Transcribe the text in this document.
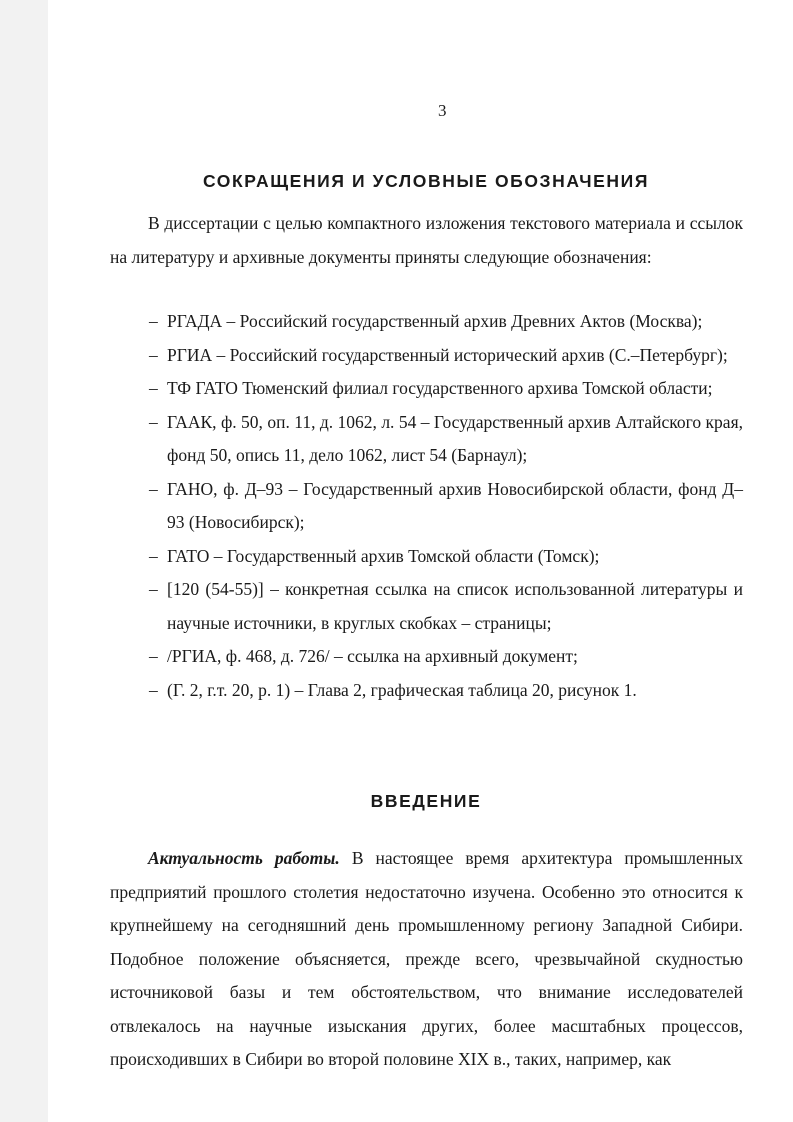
3
СОКРАЩЕНИЯ И УСЛОВНЫЕ ОБОЗНАЧЕНИЯ

В диссертации с целью компактного изложения текстового материала и ссылок на литературу и архивные документы приняты следующие обозначения:

– РГАДА – Российский государственный архив Древних Актов (Москва);
– РГИА – Российский государственный исторический архив (С.–Петербург);
– ТФ ГАТО Тюменский филиал государственного архива Томской области;
– ГААК, ф. 50, оп. 11, д. 1062, л. 54 – Государственный архив Алтайского края, фонд 50, опись 11, дело 1062, лист 54 (Барнаул);
– ГАНО, ф. Д–93 – Государственный архив Новосибирской области, фонд Д–93 (Новосибирск);
– ГАТО – Государственный архив Томской области (Томск);
– [120 (54-55)] – конкретная ссылка на список использованной литературы и научные источники, в круглых скобках – страницы;
– /РГИА, ф. 468, д. 726/ – ссылка на архивный документ;
– (Г. 2, г.т. 20, р. 1) – Глава 2, графическая таблица 20, рисунок 1.
ВВЕДЕНИЕ

Актуальность работы. В настоящее время архитектура промышленных предприятий прошлого столетия недостаточно изучена. Особенно это относится к крупнейшему на сегодняшний день промышленному региону Западной Сибири. Подобное положение объясняется, прежде всего, чрезвычайной скудностью источниковой базы и тем обстоятельством, что внимание исследователей отвлекалось на научные изыскания других, более масштабных процессов, происходивших в Сибири во второй половине XIX в., таких, например, как
